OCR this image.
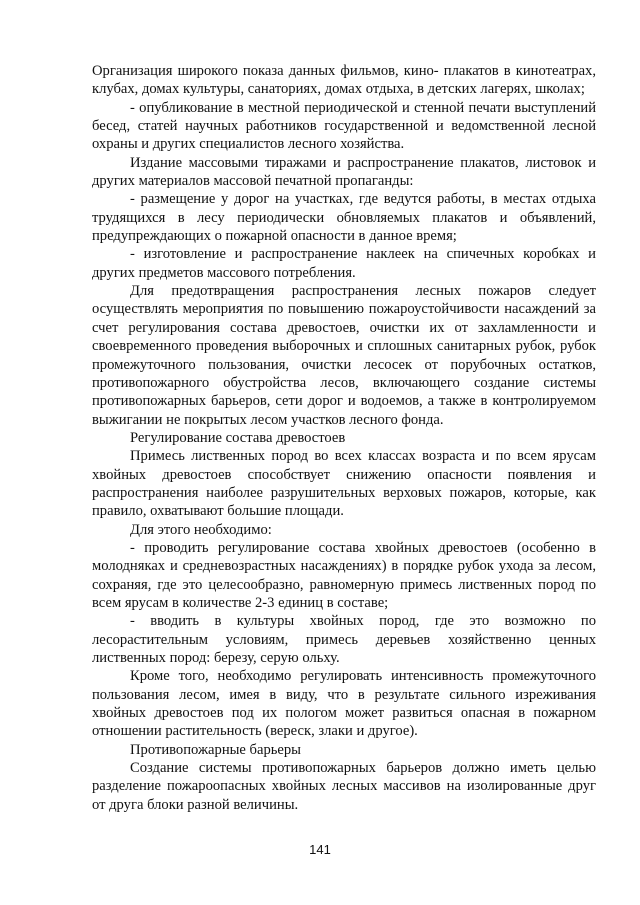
Организация широкого показа данных фильмов, кино- плакатов в кинотеатрах, клубах, домах культуры, санаториях, домах отдыха, в детских лагерях, школах;

- опубликование в местной периодической и стенной печати выступлений бесед, статей научных работников государственной и ведомственной лесной охраны и других специалистов лесного хозяйства.

Издание массовыми тиражами и распространение плакатов, листовок и других материалов массовой печатной пропаганды:

- размещение у дорог на участках, где ведутся работы, в местах отдыха трудящихся в лесу периодически обновляемых плакатов и объявлений, предупреждающих о пожарной опасности в данное время;

- изготовление и распространение наклеек на спичечных коробках и других предметов массового потребления.

Для предотвращения распространения лесных пожаров следует осуществлять мероприятия по повышению пожароустойчивости насаждений за счет регулирования состава древостоев, очистки их от захламленности и своевременного проведения выборочных и сплошных санитарных рубок, рубок промежуточного пользования, очистки лесосек от порубочных остатков, противопожарного обустройства лесов, включающего создание системы противопожарных барьеров, сети дорог и водоемов, а также в контролируемом выжигании не покрытых лесом участков лесного фонда.

Регулирование состава древостоев

Примесь лиственных пород во всех классах возраста и по всем ярусам хвойных древостоев способствует снижению опасности появления и распространения наиболее разрушительных верховых пожаров, которые, как правило, охватывают большие площади.

Для этого необходимо:

- проводить регулирование состава хвойных древостоев (особенно в молодняках и средневозрастных насаждениях) в порядке рубок ухода за лесом, сохраняя, где это целесообразно, равномерную примесь лиственных пород по всем ярусам в количестве 2-3 единиц в составе;

- вводить в культуры хвойных пород, где это возможно по лесорастительным условиям, примесь деревьев хозяйственно ценных лиственных пород: березу, серую ольху.

Кроме того, необходимо регулировать интенсивность промежуточного пользования лесом, имея в виду, что в результате сильного изреживания хвойных древостоев под их пологом может развиться опасная в пожарном отношении растительность (вереск, злаки и другое).

Противопожарные барьеры

Создание системы противопожарных барьеров должно иметь целью разделение пожароопасных хвойных лесных массивов на изолированные друг от друга блоки разной величины.

141
